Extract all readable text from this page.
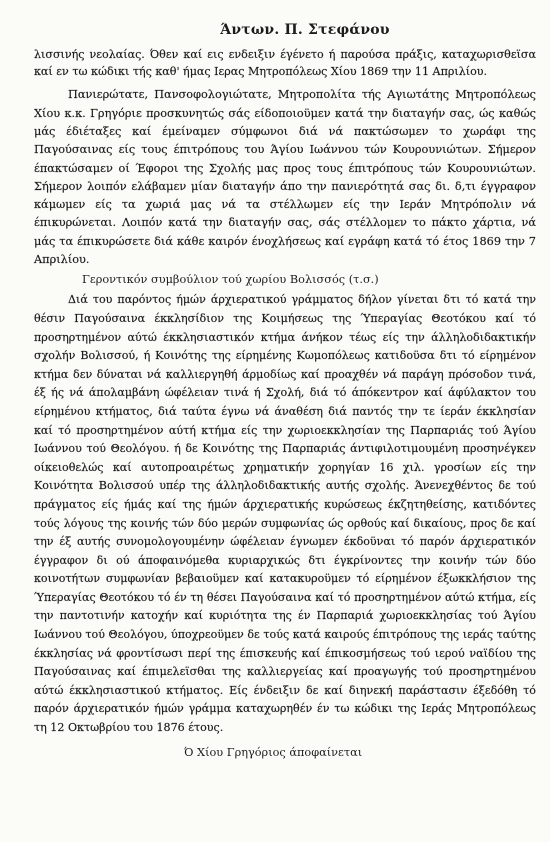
Άντων. Π. Στεφάνου

λισσινής νεολαίας. Όθεν καί εις ενδειξιν έγένετο ή παρούσα πράξις, καταχωρισθεϊσα καί εν τω κώδικι τής καθ' ήμας Ιερας Μητροπόλεως Χίου 1869 την 11 Απριλίου.

Πανιερώτατε, Πανσοφολογιώτατε, Μητροπολίτα τής Αγιωτάτης Μητροπόλεως Χίου κ.κ. Γρηγόριε προσκυνητώς σάς είδοποιοϋμεν κατά την διαταγήν σας, ώς καθώς μάς έδιέταξες καί έμείναμεν σύμφωνοι διά νά πακτώσωμεν το χωράφι της Παγούσαινας είς τους έπιτρόπους του Άγίου Ιωάννου τών Κουρουνιώτων. Σήμερον έπακτώσαμεν οί Έφοροι της Σχολής μας προς τους έπιτρόπους τών Κουρουνιώτων. Σήμερον λοιπόν ελάβαμεν μίαν διαταγήν άπο την πανιερότητά σας δι. δ,τι έγγραφον κάμωμεν είς τα χωριά μας νά τα στέλλωμεν είς την Ιεράν Μητρόπολιν νά έπικυρώνεται. Λοιπόν κατά την διαταγήν σας, σάς στέλλομεν το πάκτο χάρτια, νά μάς τα έπικυρώσετε διά κάθε καιρόν ένοχλήσεως καί εγράφη κατά τό έτος 1869 την 7 Απριλίου.

Γεροντικόν συμβούλιον τού χωρίου Βολισσός (τ.σ.)

Διά του παρόντος ήμών άρχιερατικού γράμματος δήλον γίνεται δτι τό κατά την θέσιν Παγούσαινα έκκλησίδιον της Κοιμήσεως της Ύπεραγίας Θεοτόκου καί τό προσηρτημένον αύτώ έκκλησιαστικόν κτήμα άνήκον τέως είς την άλληλοδιδακτικήν σχολήν Βολισσού, ή Κοινότης της είρημένης Κωμοπόλεως κατιδοϋσα δτι τό είρημένον κτήμα δεν δύναται νά καλλιεργηθή άρμοδίως καί προαχθέν νά παράγη πρόσοδον τινά, έξ ής νά άπολαμβάνη ώφέλειαν τινά ή Σχολή, διά τό άπόκεντρον καί άφύλακτον του είρημένου κτήματος, διά ταύτα έγνω νά άναθέση διά παντός την τε ίεράν έκκλησίαν καί τό προσηρτημένον αύτή κτήμα είς την χωριοεκκλησίαν της Παρπαριάς τού Άγίου Ιωάννου τού Θεολόγου. ή δε Κοινότης της Παρπαριάς άντιφιλοτιμουμένη προσηνέγκεν οίκειοθελώς καί αυτοπροαιρέτως χρηματικήν χορηγίαν 16 χιλ. γροσίων είς την Κοινότητα Βολισσού υπέρ της άλληλοδιδακτικής αυτής σχολής. Άνενεχθέντος δε τού πράγματος είς ήμάς καί της ήμών άρχιερατικής κυρώσεως έκζητηθείσης, κατιδόντες τούς λόγους της κοινής τών δύο μερών συμφωνίας ώς ορθούς καί δικαίους, προς δε καί την έξ αυτής συνομολογουμένην ώφέλειαν έγνωμεν έκδοϋναι τό παρόν άρχιερατικόν έγγραφον δι ού άποφαινόμεθα κυριαρχικώς δτι έγκρίνοντες την κοινήν τών δύο κοινοτήτων συμφωνίαν βεβαιοϋμεν καί κατακυροϋμεν τό είρημένον έξωκκλήσιον της Ύπεραγίας Θεοτόκου τό έν τη θέσει Παγούσαινα καί τό προσηρτημένον αύτώ κτήμα, είς την παντοτινήν κατοχήν καί κυριότητα της έν Παρπαριά χωριοεκκλησίας τού Άγίου Ιωάννου τού Θεολόγου, ύποχρεοϋμεν δε τούς κατά καιρούς έπιτρόπους της ιεράς ταύτης έκκλησίας νά φροντίσωσι περί της έπισκευής καί έπικοσμήσεως τού ιερού ναϊδίου της Παγούσαινας καί έπιμελεϊσθαι της καλλιεργείας καί προαγωγής τού προσηρτημένου αύτώ έκκλησιαστικού κτήματος. Είς ένδειξιν δε καί διηνεκή παράστασιν έξεδόθη τό παρόν άρχιερατικόν ήμών γράμμα καταχωρηθέν έν τω κώδικι της Ιεράς Μητροπόλεως τη 12 Οκτωβρίου του 1876 έτους.

Ό Χίου Γρηγόριος άποφαίνεται
